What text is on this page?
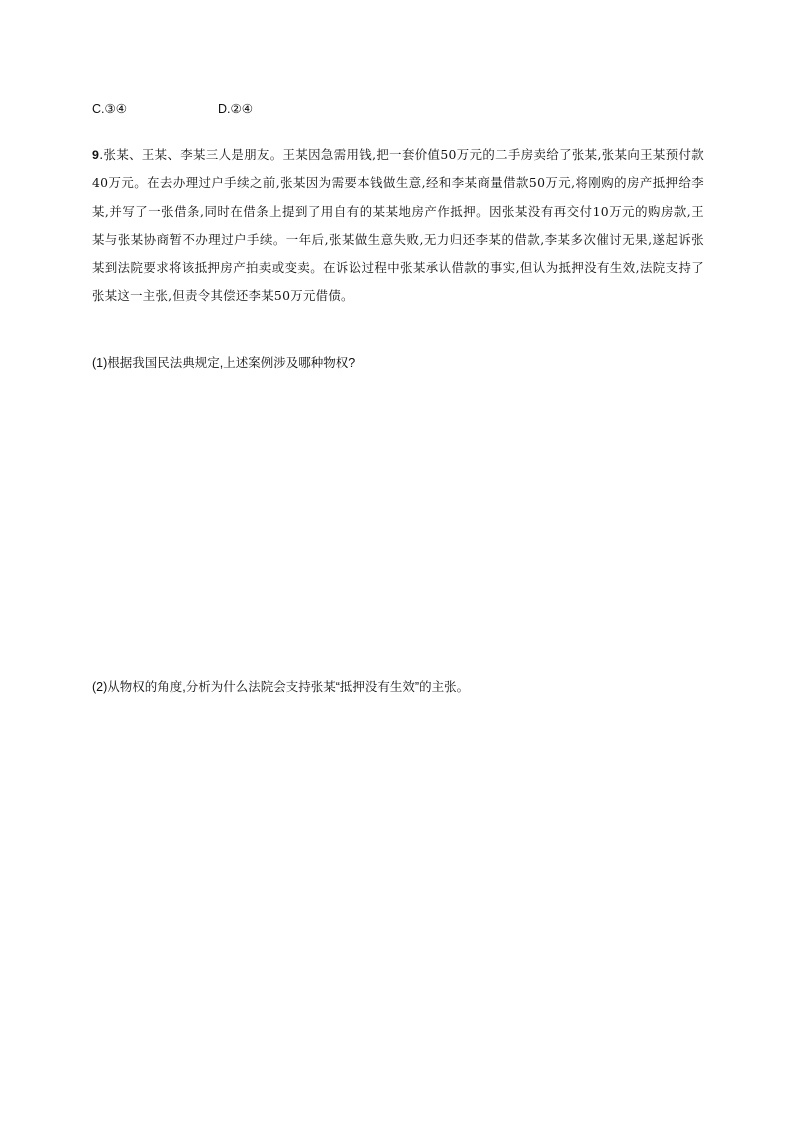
C.③④	D.②④
9.张某、王某、李某三人是朋友。王某因急需用钱,把一套价值50万元的二手房卖给了张某,张某向王某预付款40万元。在去办理过户手续之前,张某因为需要本钱做生意,经和李某商量借款50万元,将刚购的房产抵押给李某,并写了一张借条,同时在借条上提到了用自有的某某地房产作抵押。因张某没有再交付10万元的购房款,王某与张某协商暂不办理过户手续。一年后,张某做生意失败,无力归还李某的借款,李某多次催讨无果,遂起诉张某到法院要求将该抵押房产拍卖或变卖。在诉讼过程中张某承认借款的事实,但认为抵押没有生效,法院支持了张某这一主张,但责令其偿还李某50万元借债。
(1)根据我国民法典规定,上述案例涉及哪种物权?
(2)从物权的角度,分析为什么法院会支持张某“抵押没有生效”的主张。
